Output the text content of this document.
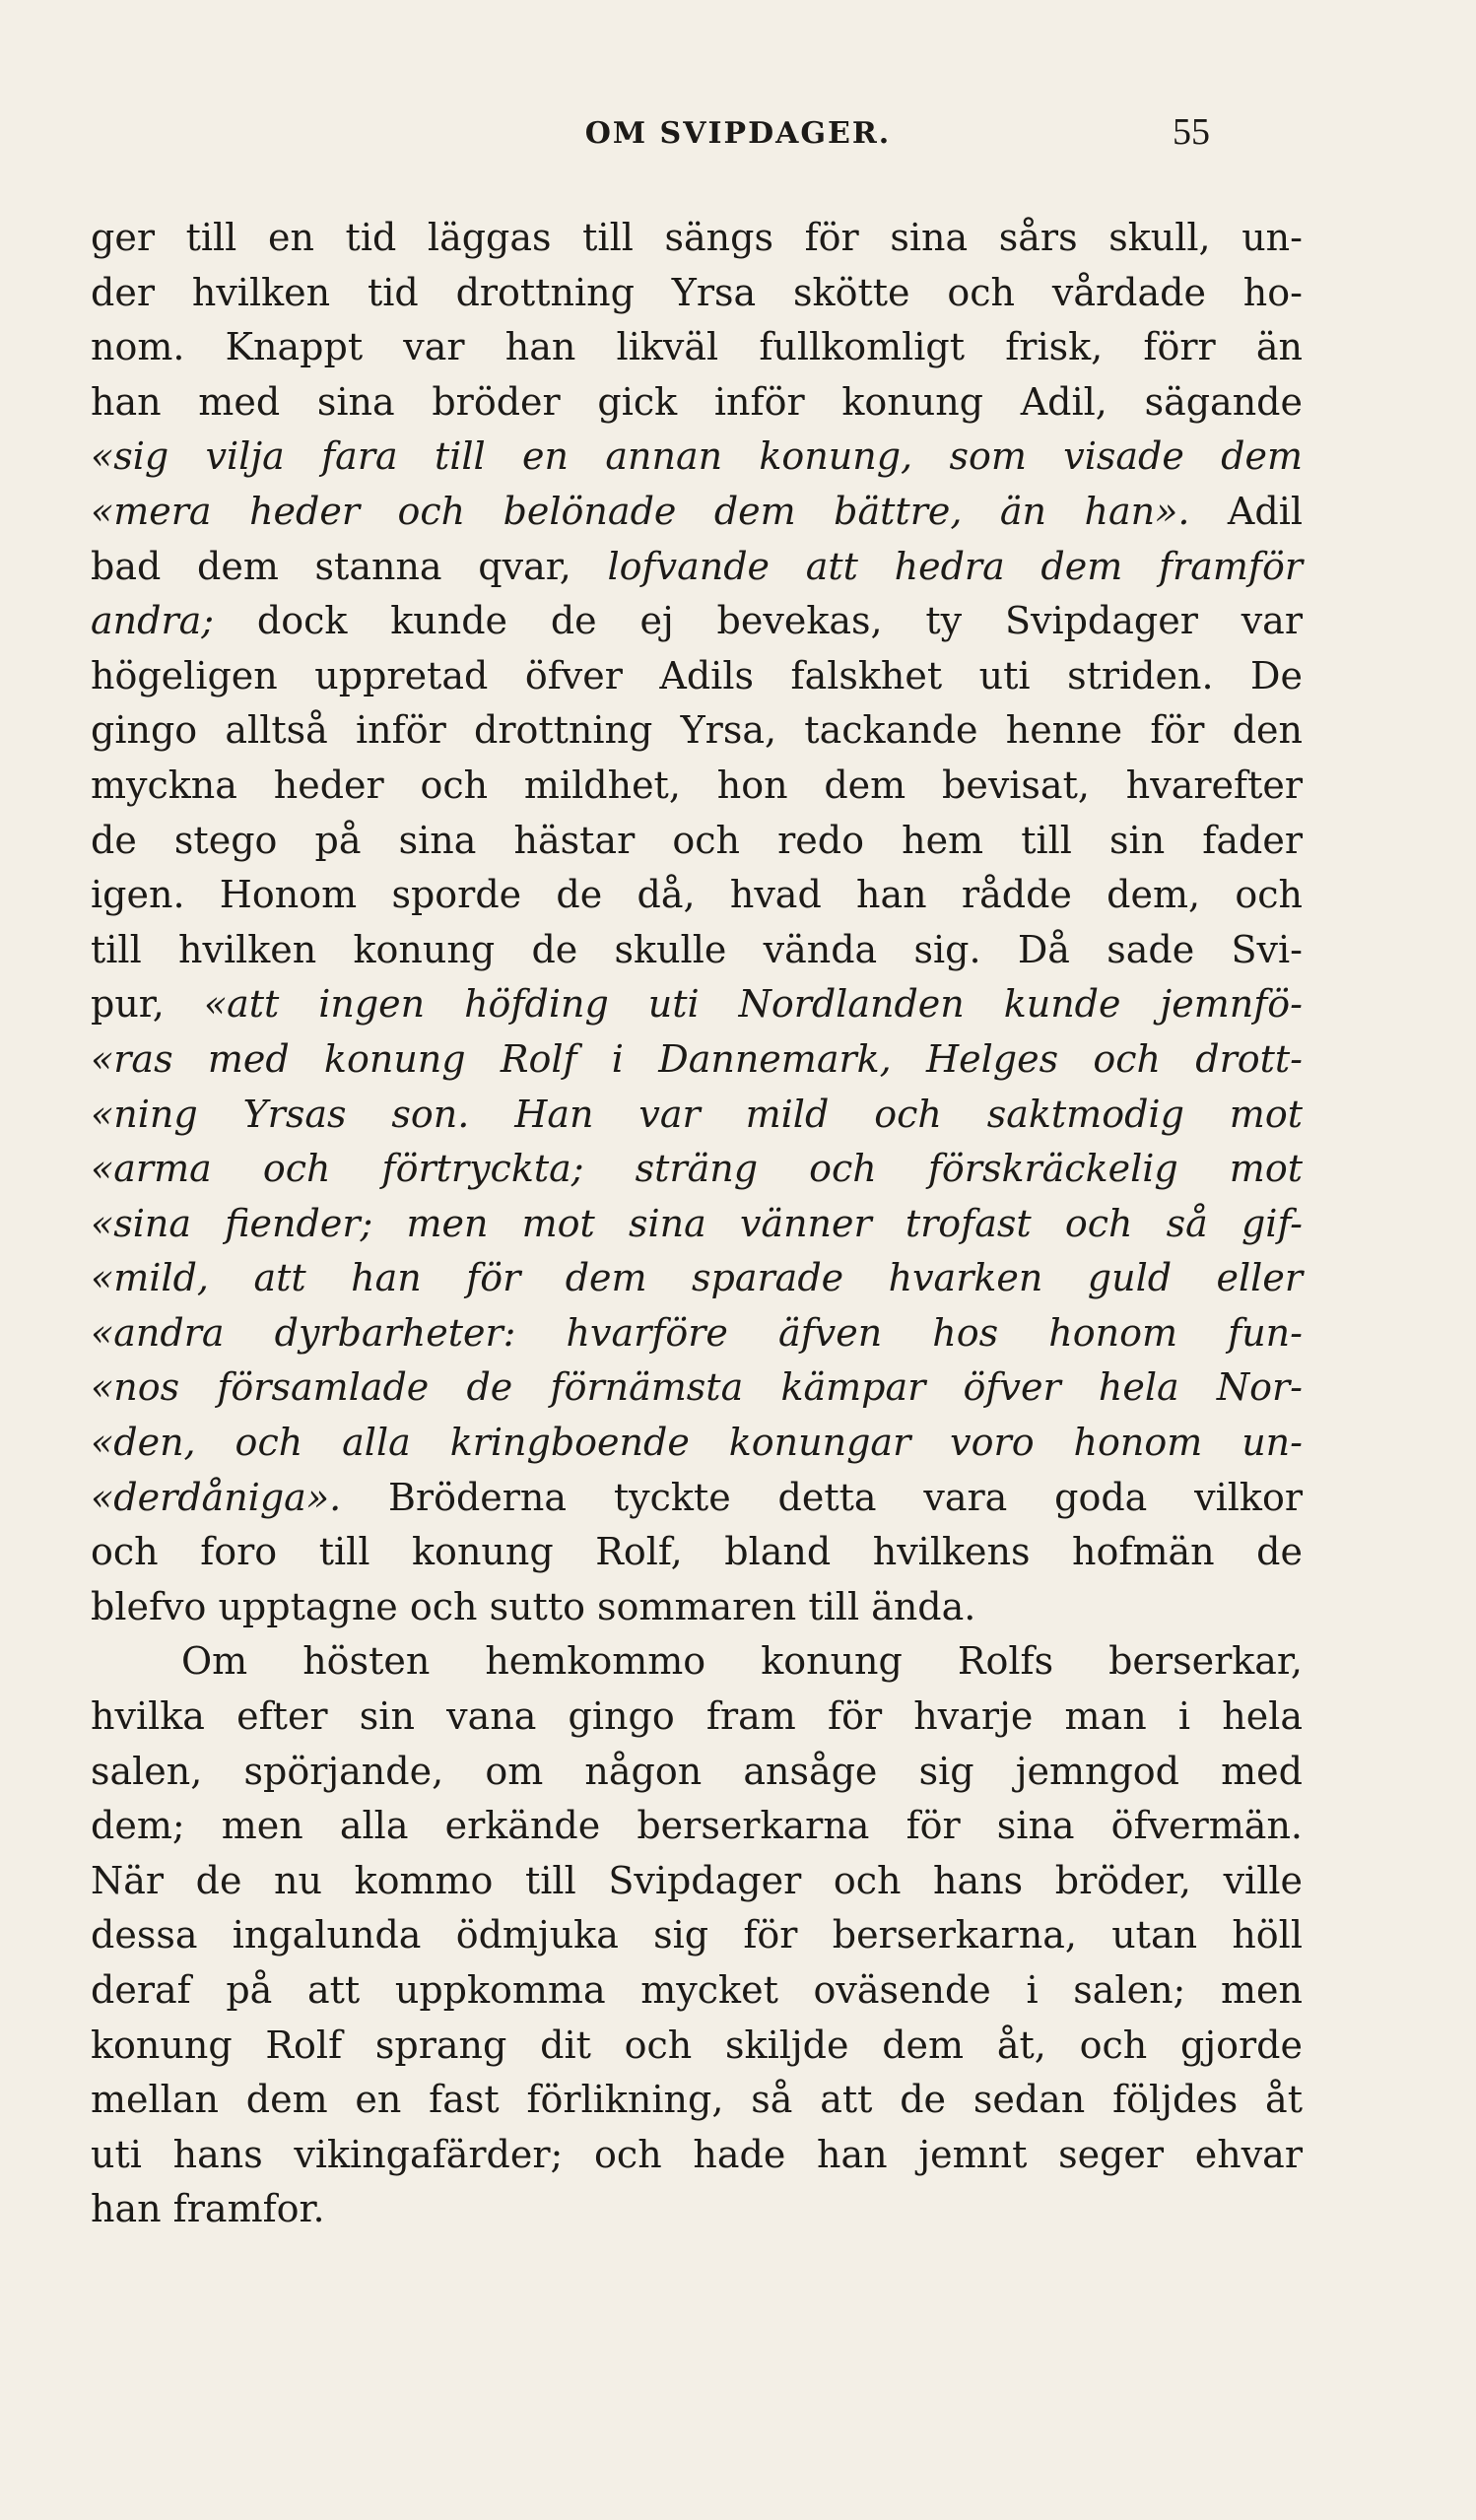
OM SVIPDAGER.	55
ger till en tid läggas till sängs för sina sårs skull, un-
der hvilken tid drottning Yrsa skötte och vårdade ho-
nom. Knappt var han likväl fullkomligt frisk, förr än
han med sina bröder gick inför konung Adil, sägande
«sig vilja fara till en annan konung, som visade dem
«mera heder och belönade dem bättre, än han». Adil
bad dem stanna qvar, lofvande att hedra dem framför
andra; dock kunde de ej bevekas, ty Svipdager var
högeligen uppretad öfver Adils falskhet uti striden. De
gingo alltså inför drottning Yrsa, tackande henne för den
myckna heder och mildhet, hon dem bevisat, hvarefter
de stego på sina hästar och redo hem till sin fader
igen. Honom sporde de då, hvad han rådde dem, och
till hvilken konung de skulle vända sig. Då sade Svi-
pur, «att ingen höfding uti Nordlanden kunde jemnfö-
«ras med konung Rolf i Dannemark, Helges och drott-
«ning Yrsas son. Han var mild och saktmodig mot
«arma och förtryckta; sträng och förskräckelig mot
«sina fiender; men mot sina vänner trofast och så gif-
«mild, att han för dem sparade hvarken guld eller
«andra dyrbarheter: hvarföre äfven hos honom fun-
«nos församlade de förnämsta kämpar öfver hela Nor-
«den, och alla kringboende konungar voro honom un-
«derdåniga». Bröderna tyckte detta vara goda vilkor
och foro till konung Rolf, bland hvilkens hofmän de
blefvo upptagne och sutto sommaren till ända.
Om hösten hemkommo konung Rolfs berserkar,
hvilka efter sin vana gingo fram för hvarje man i hela
salen, spörjande, om någon ansåge sig jemngod med
dem; men alla erkände berserkarna för sina öfvermän.
När de nu kommo till Svipdager och hans bröder, ville
dessa ingalunda ödmjuka sig för berserkarna, utan höll
deraf på att uppkomma mycket oväsende i salen; men
konung Rolf sprang dit och skiljde dem åt, och gjorde
mellan dem en fast förlikning, så att de sedan följdes åt
uti hans vikingafärder; och hade han jemnt seger ehvar
han framfor.
